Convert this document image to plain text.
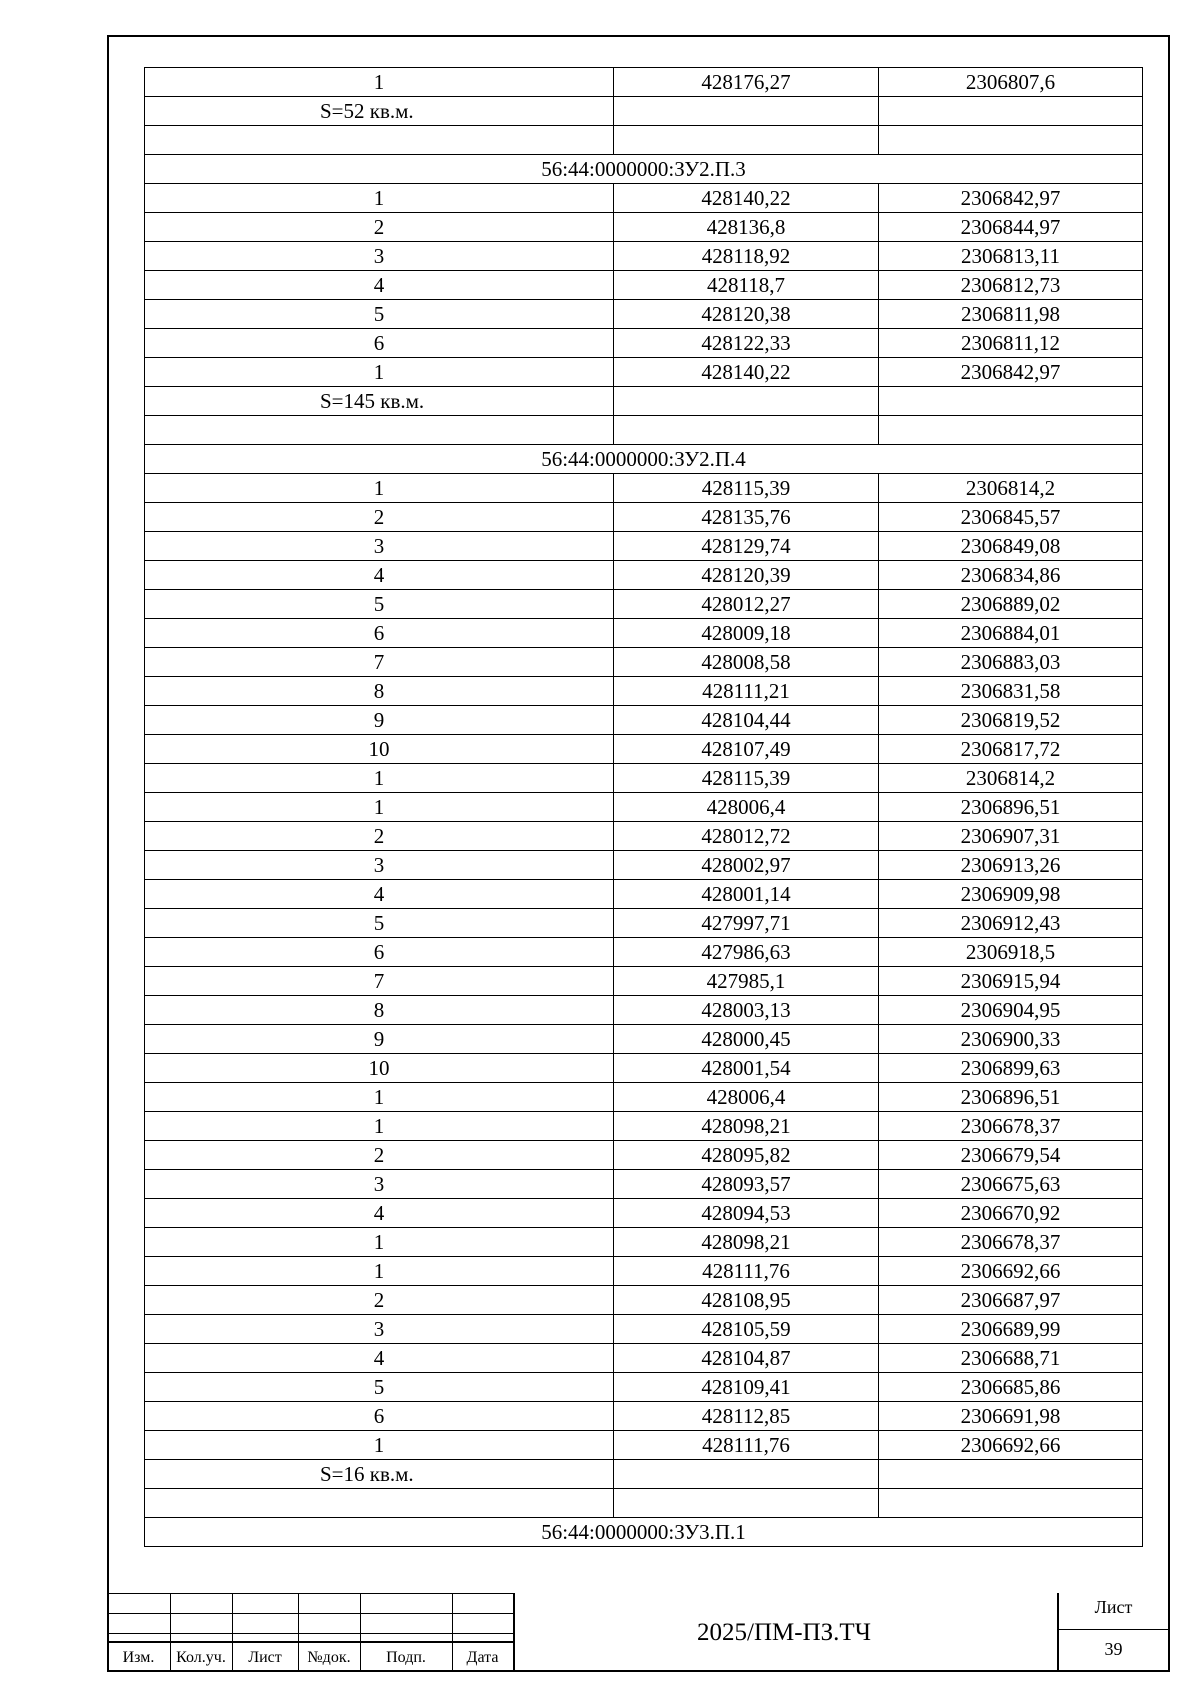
1	428176,27	2306807,6
S=52 кв.м.		

56:44:0000000:ЗУ2.П.3		
1	428140,22	2306842,97
2	428136,8	2306844,97
3	428118,92	2306813,11
4	428118,7	2306812,73
5	428120,38	2306811,98
6	428122,33	2306811,12
1	428140,22	2306842,97
S=145 кв.м.		

56:44:0000000:ЗУ2.П.4		
1	428115,39	2306814,2
2	428135,76	2306845,57
3	428129,74	2306849,08
4	428120,39	2306834,86
5	428012,27	2306889,02
6	428009,18	2306884,01
7	428008,58	2306883,03
8	428111,21	2306831,58
9	428104,44	2306819,52
10	428107,49	2306817,72
1	428115,39	2306814,2
1	428006,4	2306896,51
2	428012,72	2306907,31
3	428002,97	2306913,26
4	428001,14	2306909,98
5	427997,71	2306912,43
6	427986,63	2306918,5
7	427985,1	2306915,94
8	428003,13	2306904,95
9	428000,45	2306900,33
10	428001,54	2306899,63
1	428006,4	2306896,51
1	428098,21	2306678,37
2	428095,82	2306679,54
3	428093,57	2306675,63
4	428094,53	2306670,92
1	428098,21	2306678,37
1	428111,76	2306692,66
2	428108,95	2306687,97
3	428105,59	2306689,99
4	428104,87	2306688,71
5	428109,41	2306685,86
6	428112,85	2306691,98
1	428111,76	2306692,66
S=16 кв.м.		

56:44:0000000:ЗУ3.П.1		
Изм.	Кол.уч.	Лист	№док.	Подп.	Дата
2025/ПМ-ПЗ.ТЧ
Лист
39
